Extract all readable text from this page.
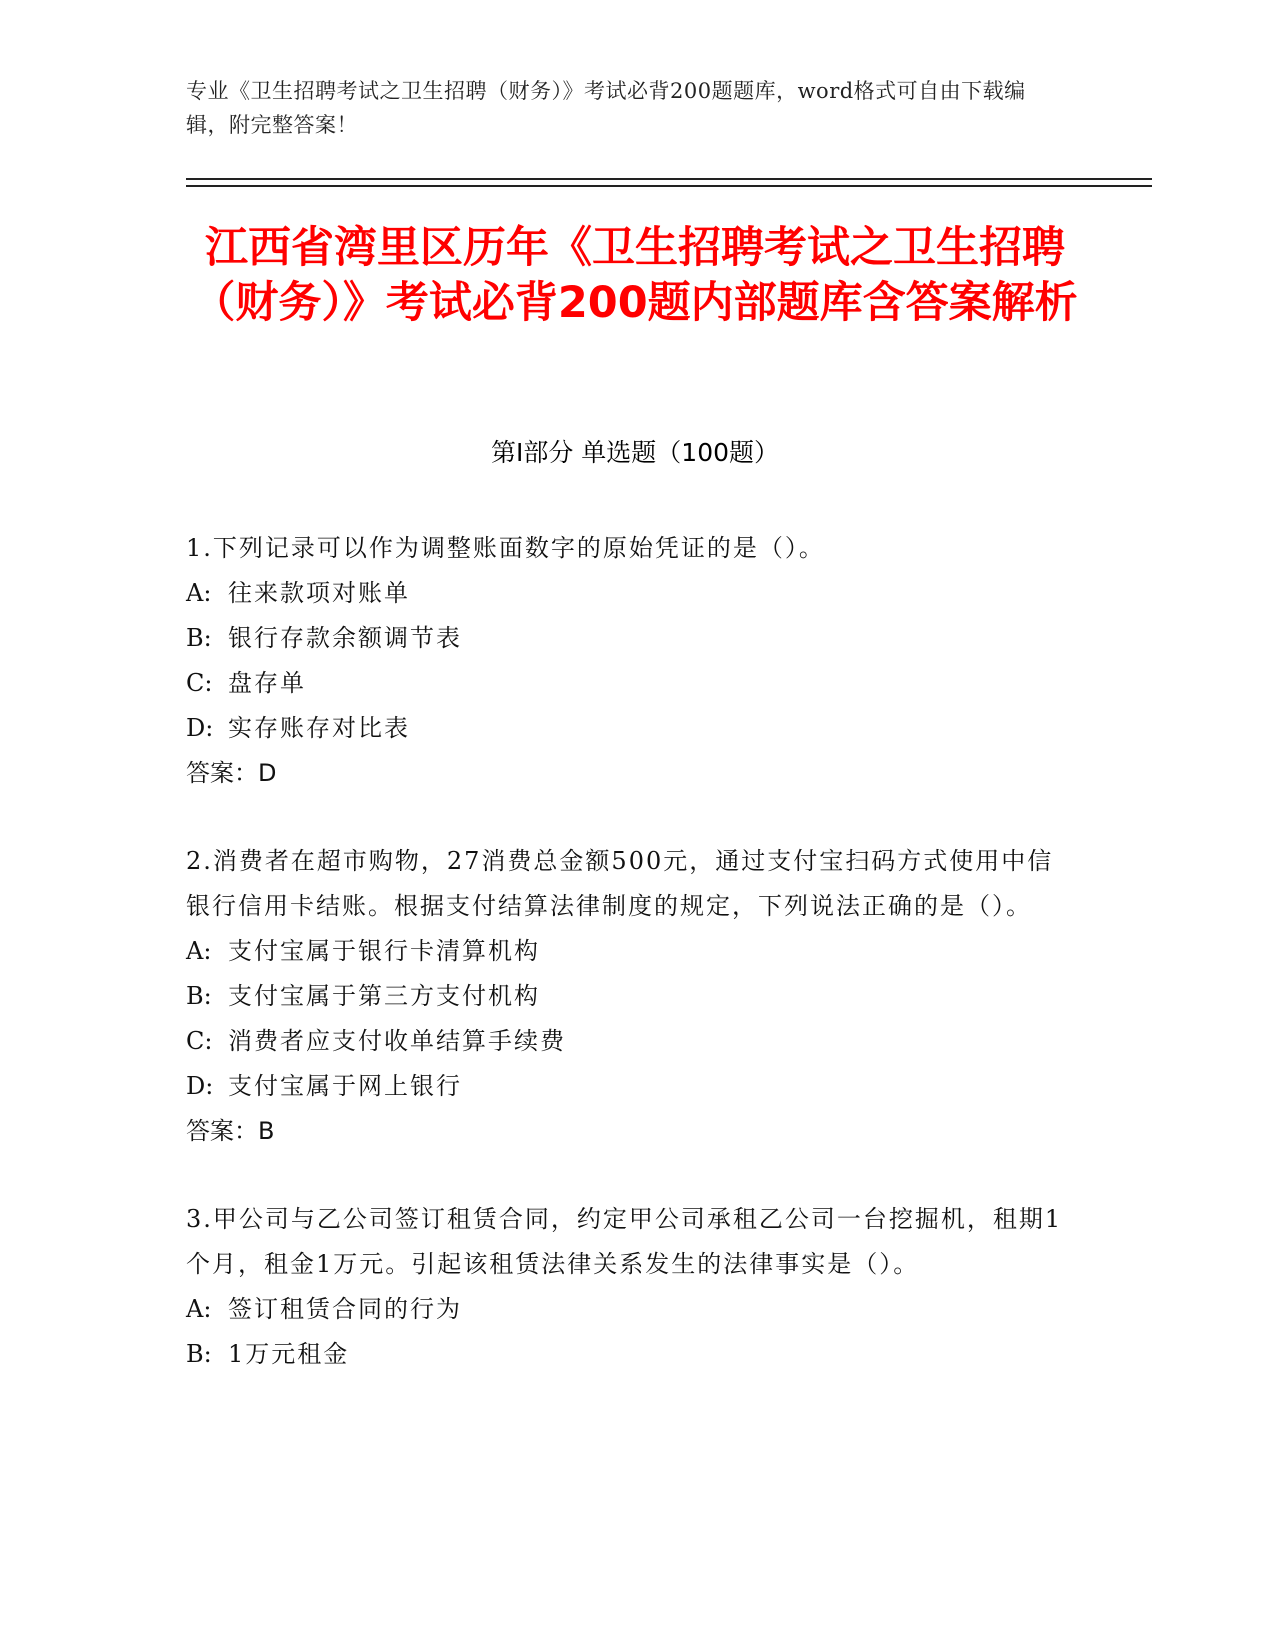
专业《卫生招聘考试之卫生招聘（财务）》考试必背200题题库，word格式可自由下载编辑，附完整答案！
江西省湾里区历年《卫生招聘考试之卫生招聘（财务）》考试必背200题内部题库含答案解析
第Ⅰ部分 单选题（100题）

1.下列记录可以作为调整账面数字的原始凭证的是（）。

A: 往来款项对账单

B: 银行存款余额调节表

C: 盘存单

D: 实存账存对比表

答案：D

2.消费者在超市购物，27消费总金额500元，通过支付宝扫码方式使用中信银行信用卡结账。根据支付结算法律制度的规定，下列说法正确的是（）。

A: 支付宝属于银行卡清算机构

B: 支付宝属于第三方支付机构

C: 消费者应支付收单结算手续费

D: 支付宝属于网上银行

答案：B

3.甲公司与乙公司签订租赁合同，约定甲公司承租乙公司一台挖掘机，租期1个月，租金1万元。引起该租赁法律关系发生的法律事实是（）。

A: 签订租赁合同的行为

B: 1万元租金
